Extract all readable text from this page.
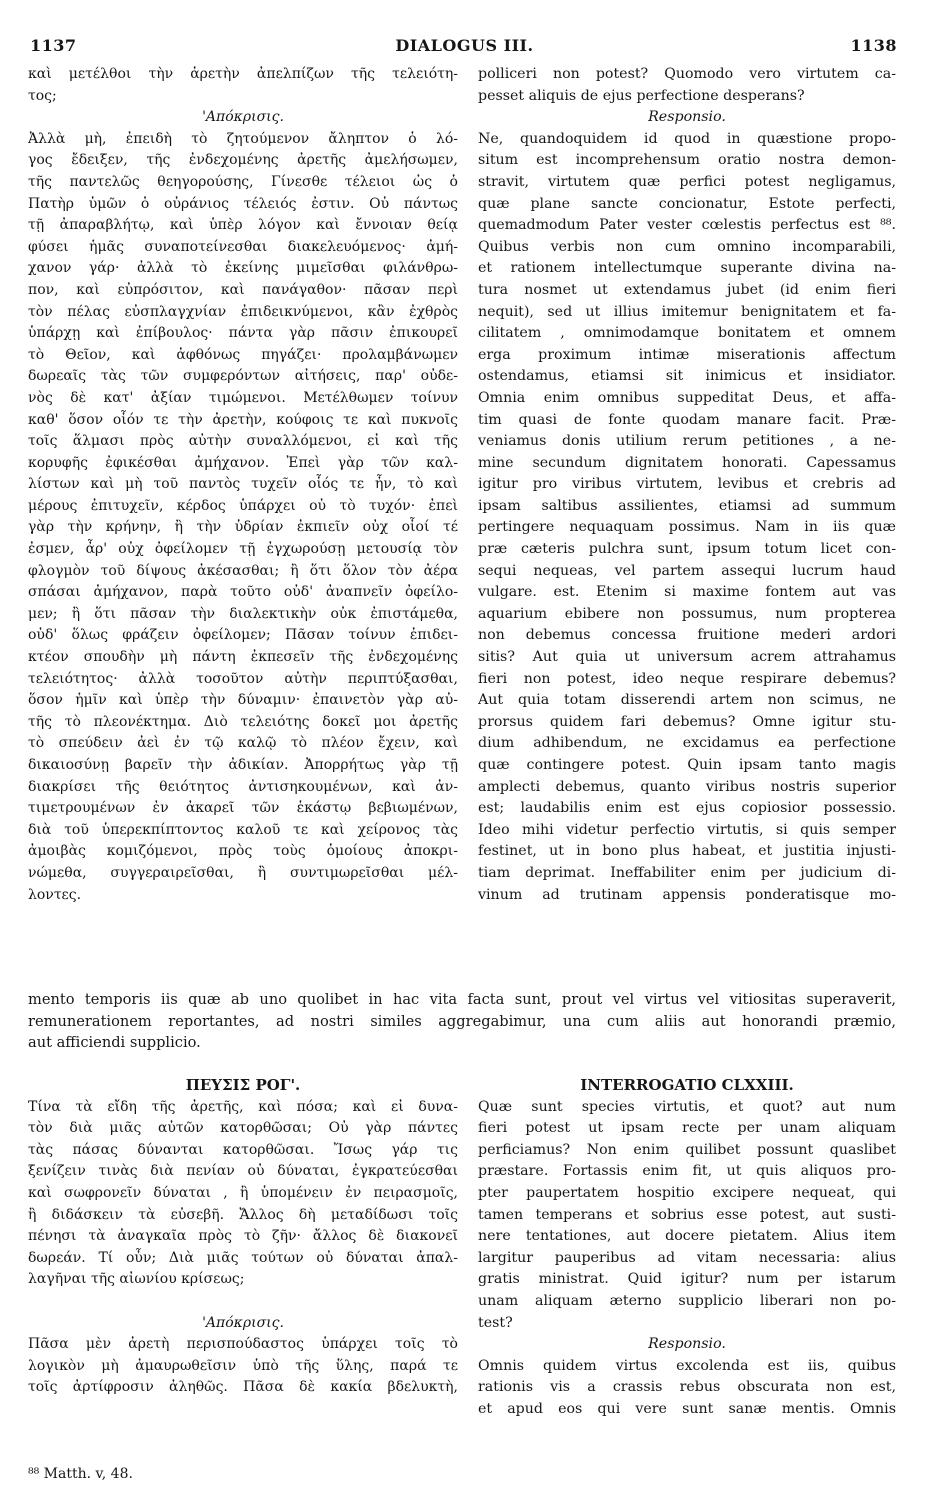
1137	DIALOGUS III.	1138
καὶ μετέλθοι τὴν ἀρετὴν ἀπελπίζων τῆς τελειότη-
τος;
'Απόκρισις.
Ἀλλὰ μὴ, ἐπειδὴ τὸ ζητούμενον ἄληπτον ὁ λό-
γος ἔδειξεν, τῆς ἐνδεχομένης ἀρετῆς ἀμελήσωμεν,
τῆς παντελῶς θεηγορούσης, Γίνεσθε τέλειοι ὡς ὁ
Πατὴρ ὑμῶν ὁ οὐράνιος τέλειός ἐστιν. Οὐ πάντως
τῇ ἀπαραβλήτῳ, καὶ ὑπὲρ λόγον καὶ ἔννοιαν θείᾳ
φύσει ἡμᾶς συναποτείνεσθαι διακελευόμενος· ἀμή-
χανον γάρ· ἀλλὰ τὸ ἐκείνης μιμεῖσθαι φιλάνθρω-
πον, καὶ εὐπρόσιτον, καὶ πανάγαθον· πᾶσαν περὶ
τὸν πέλας εὐσπλαγχνίαν ἐπιδεικνύμενοι, κἂν ἐχθρὸς
ὑπάρχῃ καὶ ἐπίβουλος· πάντα γὰρ πᾶσιν ἐπικουρεῖ
τὸ Θεῖον, καὶ ἀφθόνως πηγάζει· προλαμβάνωμεν
δωρεαῖς τὰς τῶν συμφερόντων αἰτήσεις, παρ' οὐδε-
νὸς δὲ κατ' ἀξίαν τιμώμενοι. Μετέλθωμεν τοίνυν
καθ' ὅσον οἷόν τε τὴν ἀρετὴν, κούφοις τε καὶ πυκνοῖς
τοῖς ἅλμασι πρὸς αὐτὴν συναλλόμενοι, εἰ καὶ τῆς
κορυφῆς ἐφικέσθαι ἀμήχανον. Ἐπεὶ γὰρ τῶν καλ-
λίστων καὶ μὴ τοῦ παντὸς τυχεῖν οἷός τε ἦν, τὸ καὶ
μέρους ἐπιτυχεῖν, κέρδος ὑπάρχει οὐ τὸ τυχόν· ἐπεὶ
γὰρ τὴν κρήνην, ἢ τὴν ὑδρίαν ἐκπιεῖν οὐχ οἷοί τέ
ἐσμεν, ἆρ' οὐχ ὀφείλομεν τῇ ἐγχωρούσῃ μετουσίᾳ τὸν
φλογμὸν τοῦ δίψους ἀκέσασθαι; ἢ ὅτι ὅλον τὸν ἀέρα
σπάσαι ἀμήχανον, παρὰ τοῦτο οὐδ' ἀναπνεῖν ὀφείλο-
μεν; ἢ ὅτι πᾶσαν τὴν διαλεκτικὴν οὐκ ἐπιστάμεθα,
οὐδ' ὅλως φράζειν ὀφείλομεν; Πᾶσαν τοίνυν ἐπιδει-
κτέον σπουδὴν μὴ πάντη ἐκπεσεῖν τῆς ἐνδεχομένης
τελειότητος· ἀλλὰ τοσοῦτον αὐτὴν περιπτύξασθαι,
ὅσον ἡμῖν καὶ ὑπὲρ τὴν δύναμιν· ἐπαινετὸν γὰρ αὐ-
τῆς τὸ πλεονέκτημα. Διὸ τελειότης δοκεῖ μοι ἀρετῆς
τὸ σπεύδειν ἀεὶ ἐν τῷ καλῷ τὸ πλέον ἔχειν, καὶ
δικαιοσύνῃ βαρεῖν τὴν ἀδικίαν. Ἀπορρήτως γὰρ τῇ
διακρίσει τῆς θειότητος ἀντισηκουμένων, καὶ ἀν-
τιμετρουμένων ἐν ἀκαρεῖ τῶν ἑκάστῳ βεβιωμένων,
διὰ τοῦ ὑπερεκπίπτοντος καλοῦ τε καὶ χείρονος τὰς
ἀμοιβὰς κομιζόμενοι, πρὸς τοὺς ὁμοίους ἀποκρι-
νώμεθα, συγγεραιρεῖσθαι, ἢ συντιμωρεῖσθαι μέλ-
λοντες.
polliceri non potest? Quomodo vero virtutem ca-
pesset aliquis de ejus perfectione desperans?
Responsio.
Ne, quandoquidem id quod in quæstione propo-
situm est incomprehensum oratio nostra demon-
stravit, virtutem quæ perfici potest negligamus,
quæ plane sancte concionatur, Estote perfecti,
quemadmodum Pater vester cœlestis perfectus est ⁸⁸.
Quibus verbis non cum omnino incomparabili,
et rationem intellectumque superante divina na-
tura nosmet ut extendamus jubet (id enim fieri
nequit), sed ut illius imitemur benignitatem et fa-
cilitatem , omnimodamque bonitatem et omnem
erga proximum intimæ miserationis affectum
ostendamus, etiamsi sit inimicus et insidiator.
Omnia enim omnibus suppeditat Deus, et affa-
tim quasi de fonte quodam manare facit. Præ-
veniamus donis utilium rerum petitiones , a ne-
mine secundum dignitatem honorati. Capessamus
igitur pro viribus virtutem, levibus et crebris ad
ipsam saltibus assilientes, etiamsi ad summum
pertingere nequaquam possimus. Nam in iis quæ
præ cæteris pulchra sunt, ipsum totum licet con-
sequi nequeas, vel partem assequi lucrum haud
vulgare. est. Etenim si maxime fontem aut vas
aquarium ebibere non possumus, num propterea
non debemus concessa fruitione mederi ardori
sitis? Aut quia ut universum acrem attrahamus
fieri non potest, ideo neque respirare debemus?
Aut quia totam disserendi artem non scimus, ne
prorsus quidem fari debemus? Omne igitur stu-
dium adhibendum, ne excidamus ea perfectione
quæ contingere potest. Quin ipsam tanto magis
amplecti debemus, quanto viribus nostris superior
est; laudabilis enim est ejus copiosior possessio.
Ideo mihi videtur perfectio virtutis, si quis semper
festinet, ut in bono plus habeat, et justitia injusti-
tiam deprimat. Ineffabiliter enim per judicium di-
vinum ad trutinam appensis ponderatisque mo-
mento temporis iis quæ ab uno quolibet in hac vita facta sunt, prout vel virtus vel vitiositas superaverit,
remunerationem reportantes, ad nostri similes aggregabimur, una cum aliis aut honorandi præmio,
aut afficiendi supplicio.
ΠΕΥΣΙΣ ΡΟΓ'.
Τίνα τὰ εἴδη τῆς ἀρετῆς, καὶ πόσα; καὶ εἰ δυνα-
τὸν διὰ μιᾶς αὐτῶν κατορθῶσαι; Οὐ γὰρ πάντες
τὰς πάσας δύνανται κατορθῶσαι. Ἴσως γάρ τις
ξενίζειν τινὰς διὰ πενίαν οὐ δύναται, ἐγκρατεύεσθαι
καὶ σωφρονεῖν δύναται , ἢ ὑπομένειν ἐν πειρασμοῖς,
ἢ διδάσκειν τὰ εὐσεβῆ. Ἄλλος δὴ μεταδίδωσι τοῖς
πένησι τὰ ἀναγκαῖα πρὸς τὸ ζῆν· ἄλλος δὲ διακονεῖ
δωρεάν. Τί οὖν; Διὰ μιᾶς τούτων οὐ δύναται ἀπαλ-
λαγῆναι τῆς αἰωνίου κρίσεως;
'Απόκρισις.
Πᾶσα μὲν ἀρετὴ περισπούδαστος ὑπάρχει τοῖς τὸ
λογικὸν μὴ ἀμαυρωθεῖσιν ὑπὸ τῆς ὕλης, παρά τε
τοῖς ἀρτίφροσιν ἀληθῶς. Πᾶσα δὲ κακία βδελυκτὴ,
INTERROGATIO CLXXIII.
Quæ sunt species virtutis, et quot? aut num
fieri potest ut ipsam recte per unam aliquam
perficiamus? Non enim quilibet possunt quaslibet
præstare. Fortassis enim fit, ut quis aliquos pro-
pter paupertatem hospitio excipere nequeat, qui
tamen temperans et sobrius esse potest, aut susti-
nere tentationes, aut docere pietatem. Alius item
largitur pauperibus ad vitam necessaria: alius
gratis ministrat. Quid igitur? num per istarum
unam aliquam æterno supplicio liberari non po-
test?
Responsio.
Omnis quidem virtus excolenda est iis, quibus
rationis vis a crassis rebus obscurata non est,
et apud eos qui vere sunt sanæ mentis. Omnis
⁸⁸ Matth. v, 48.
